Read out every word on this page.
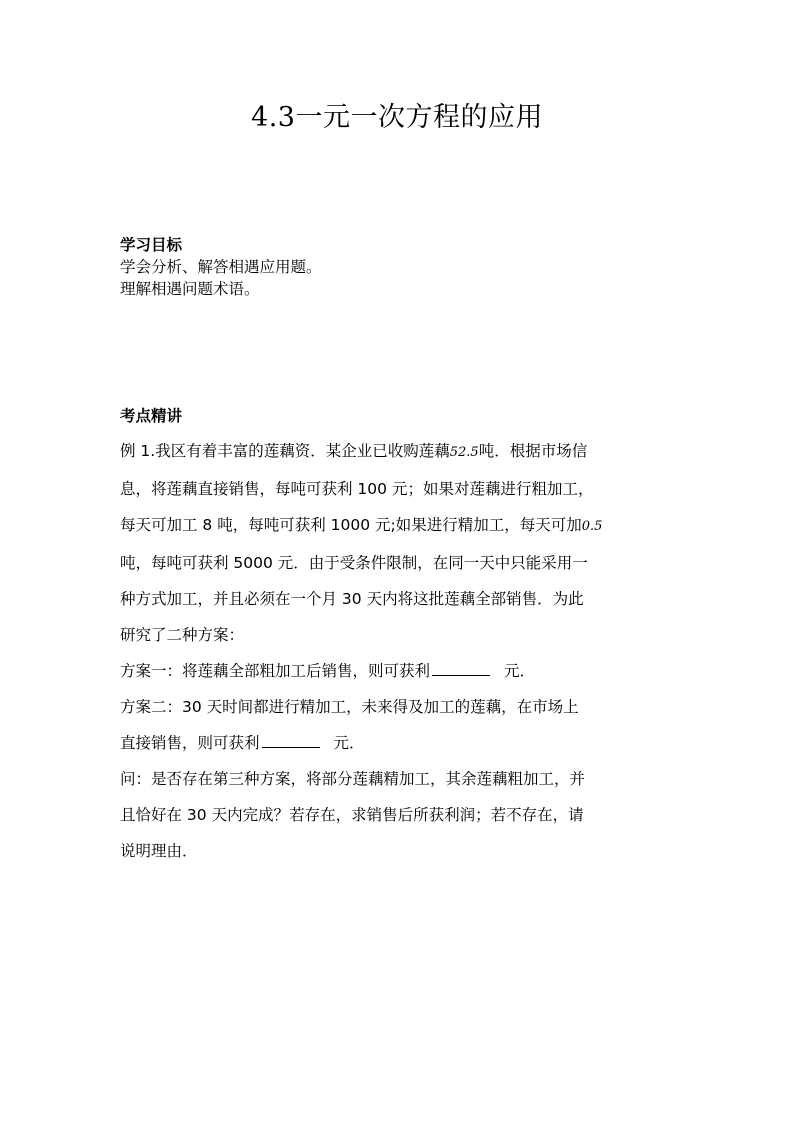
4.3一元一次方程的应用
学习目标
学会分析、解答相遇应用题。
理解相遇问题术语。
考点精讲

例 1.我区有着丰富的莲藕资．某企业已收购莲藕52.5吨．根据市场信

息，将莲藕直接销售，每吨可获利 100 元；如果对莲藕进行粗加工，

每天可加工 8 吨，每吨可获利 1000 元;如果进行精加工，每天可加0.5

吨，每吨可获利 5000 元．由于受条件限制，在同一天中只能采用一

种方式加工，并且必须在一个月 30 天内将这批莲藕全部销售．为此

研究了二种方案：

方案一：将莲藕全部粗加工后销售，则可获利	元．

方案二：30 天时间都进行精加工，未来得及加工的莲藕，在市场上

直接销售，则可获利	元．

问：是否存在第三种方案，将部分莲藕精加工，其余莲藕粗加工，并

且恰好在 30 天内完成？若存在，求销售后所获利润；若不存在，请

说明理由．
